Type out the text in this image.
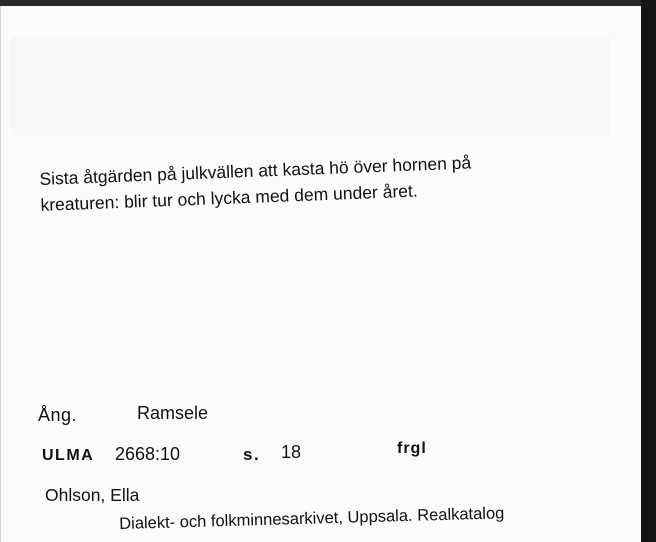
Sista åtgärden på julkvällen att kasta hö över hornen på
kreaturen: blir tur och lycka med dem under året.
Ång.	Ramsele
ULMA 2668:10	s. 18	frgl
Ohlson, Ella
Dialekt- och folkminnesarkivet, Uppsala. Realkatalog
